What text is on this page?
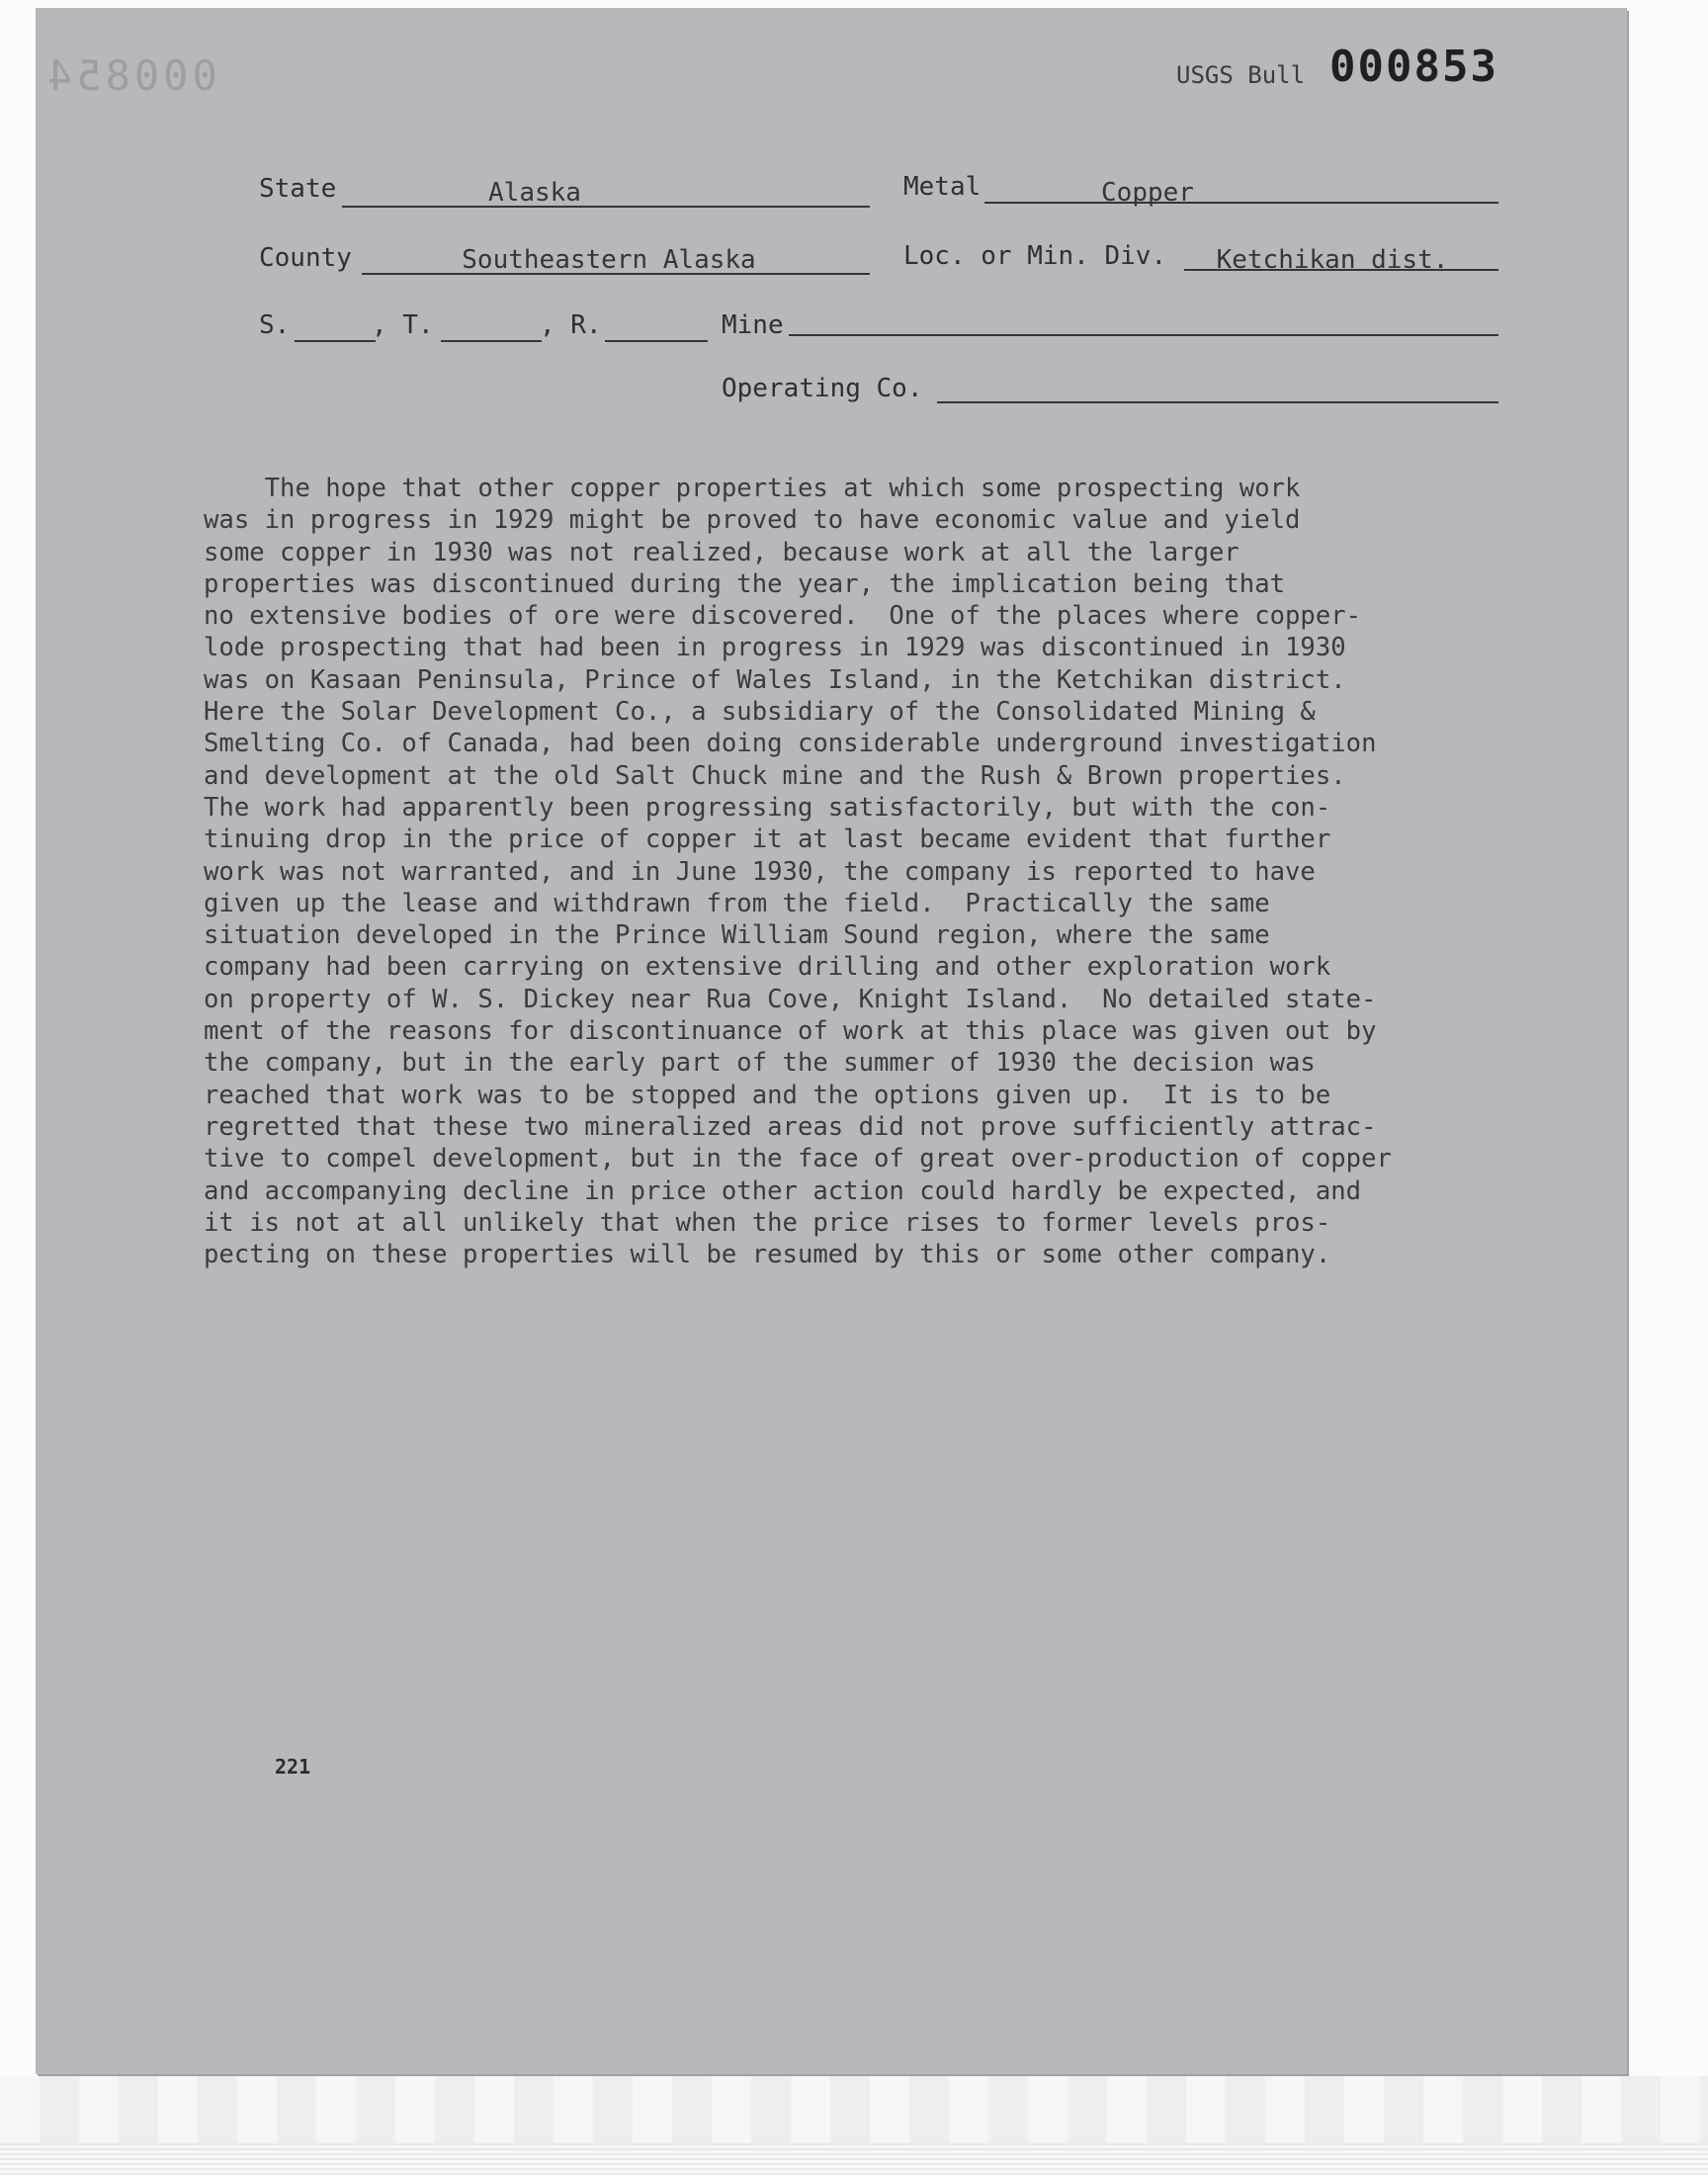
000854	USGS Bull 000853
State	Alaska	Metal	Copper
County	Southeastern Alaska	Loc. or Min. Div.	Ketchikan dist.
S.	, T.	, R.	Mine
Operating Co.
The hope that other copper properties at which some prospecting work
was in progress in 1929 might be proved to have economic value and yield
some copper in 1930 was not realized, because work at all the larger
properties was discontinued during the year, the implication being that
no extensive bodies of ore were discovered.  One of the places where copper-
lode prospecting that had been in progress in 1929 was discontinued in 1930
was on Kasaan Peninsula, Prince of Wales Island, in the Ketchikan district.
Here the Solar Development Co., a subsidiary of the Consolidated Mining &
Smelting Co. of Canada, had been doing considerable underground investigation
and development at the old Salt Chuck mine and the Rush & Brown properties.
The work had apparently been progressing satisfactorily, but with the con-
tinuing drop in the price of copper it at last became evident that further
work was not warranted, and in June 1930, the company is reported to have
given up the lease and withdrawn from the field.  Practically the same
situation developed in the Prince William Sound region, where the same
company had been carrying on extensive drilling and other exploration work
on property of W. S. Dickey near Rua Cove, Knight Island.  No detailed state-
ment of the reasons for discontinuance of work at this place was given out by
the company, but in the early part of the summer of 1930 the decision was
reached that work was to be stopped and the options given up.  It is to be
regretted that these two mineralized areas did not prove sufficiently attrac-
tive to compel development, but in the face of great over-production of copper
and accompanying decline in price other action could hardly be expected, and
it is not at all unlikely that when the price rises to former levels pros-
pecting on these properties will be resumed by this or some other company.
221
